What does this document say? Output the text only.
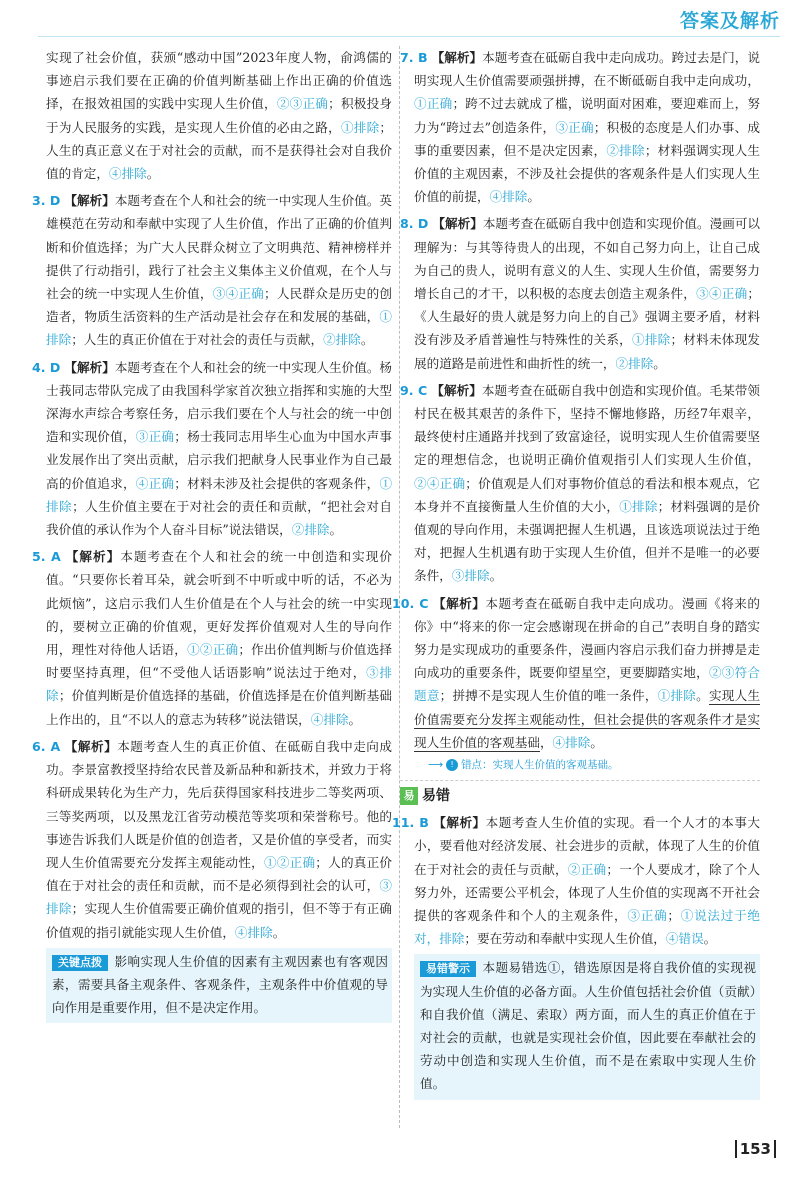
答案及解析

实现了社会价值，获颁“感动中国”2023年度人物，俞鸿儒的事迹启示我们要在正确的价值判断基础上作出正确的价值选择，在报效祖国的实践中实现人生价值，②③正确；积极投身于为人民服务的实践，是实现人生价值的必由之路，①排除；人生的真正意义在于对社会的贡献，而不是获得社会对自我价值的肯定，④排除。

3. D 【解析】本题考查在个人和社会的统一中实现人生价值。英雄模范在劳动和奉献中实现了人生价值，作出了正确的价值判断和价值选择；为广大人民群众树立了文明典范、精神榜样并提供了行动指引，践行了社会主义集体主义价值观，在个人与社会的统一中实现人生价值，③④正确；人民群众是历史的创造者，物质生活资料的生产活动是社会存在和发展的基础，①排除；人生的真正价值在于对社会的责任与贡献，②排除。

4. D 【解析】本题考查在个人和社会的统一中实现人生价值。杨士莪同志带队完成了由我国科学家首次独立指挥和实施的大型深海水声综合考察任务，启示我们要在个人与社会的统一中创造和实现价值，③正确；杨士莪同志用毕生心血为中国水声事业发展作出了突出贡献，启示我们把献身人民事业作为自己最高的价值追求，④正确；材料未涉及社会提供的客观条件，①排除；人生价值主要在于对社会的责任和贡献，“把社会对自我价值的承认作为个人奋斗目标”说法错误，②排除。

5. A 【解析】本题考查在个人和社会的统一中创造和实现价值。“只要你长着耳朵，就会听到不中听或中听的话，不必为此烦恼”，这启示我们人生价值是在个人与社会的统一中实现的，要树立正确的价值观，更好发挥价值观对人生的导向作用，理性对待他人话语，①②正确；作出价值判断与价值选择时要坚持真理，但“不受他人话语影响”说法过于绝对，③排除；价值判断是价值选择的基础，价值选择是在价值判断基础上作出的，且“不以人的意志为转移”说法错误，④排除。

6. A 【解析】本题考查人生的真正价值、在砥砺自我中走向成功。李景富教授坚持给农民普及新品种和新技术，并致力于将科研成果转化为生产力，先后获得国家科技进步二等奖两项、三等奖两项，以及黑龙江省劳动模范等奖项和荣誉称号。他的事迹告诉我们人既是价值的创造者，又是价值的享受者，而实现人生价值需要充分发挥主观能动性，①②正确；人的真正价值在于对社会的责任和贡献，而不是必须得到社会的认可，③排除；实现人生价值需要正确价值观的指引，但不等于有正确价值观的指引就能实现人生价值，④排除。

关键点拨 影响实现人生价值的因素有主观因素也有客观因素，需要具备主观条件、客观条件，主观条件中价值观的导向作用是重要作用，但不是决定作用。

7. B 【解析】本题考查在砥砺自我中走向成功。跨过去是门，说明实现人生价值需要顽强拼搏，在不断砥砺自我中走向成功，①正确；跨不过去就成了槛，说明面对困难，要迎难而上，努力为“跨过去”创造条件，③正确；积极的态度是人们办事、成事的重要因素，但不是决定因素，②排除；材料强调实现人生价值的主观因素，不涉及社会提供的客观条件是人们实现人生价值的前提，④排除。

8. D 【解析】本题考查在砥砺自我中创造和实现价值。漫画可以理解为：与其等待贵人的出现，不如自己努力向上，让自己成为自己的贵人，说明有意义的人生、实现人生价值，需要努力增长自己的才干，以积极的态度去创造主观条件，③④正确；《人生最好的贵人就是努力向上的自己》强调主要矛盾，材料没有涉及矛盾普遍性与特殊性的关系，①排除；材料未体现发展的道路是前进性和曲折性的统一，②排除。

9. C 【解析】本题考查在砥砺自我中创造和实现价值。毛某带领村民在极其艰苦的条件下，坚持不懈地修路，历经7年艰辛，最终使村庄通路并找到了致富途径，说明实现人生价值需要坚定的理想信念，也说明正确价值观指引人们实现人生价值，②④正确；价值观是人们对事物价值总的看法和根本观点，它本身并不直接衡量人生价值的大小，①排除；材料强调的是价值观的导向作用，未强调把握人生机遇，且该选项说法过于绝对，把握人生机遇有助于实现人生价值，但并不是唯一的必要条件，③排除。

10. C 【解析】本题考查在砥砺自我中走向成功。漫画《将来的你》中“将来的你一定会感谢现在拼命的自己”表明自身的踏实努力是实现成功的重要条件，漫画内容启示我们奋力拼搏是走向成功的重要条件，既要仰望星空，更要脚踏实地，②③符合题意；拼搏不是实现人生价值的唯一条件，①排除。实现人生价值需要充分发挥主观能动性，但社会提供的客观条件才是实现人生价值的客观基础，④排除。

⟶ ! 错点：实现人生价值的客观基础。
易 易错

11. B 【解析】本题考查人生价值的实现。看一个人才的本事大小，要看他对经济发展、社会进步的贡献，体现了人生的价值在于对社会的责任与贡献，②正确；一个人要成才，除了个人努力外，还需要公平机会，体现了人生价值的实现离不开社会提供的客观条件和个人的主观条件，③正确；①说法过于绝对，排除；要在劳动和奉献中实现人生价值，④错误。

易错警示 本题易错选①，错选原因是将自我价值的实现视为实现人生价值的必备方面。人生价值包括社会价值（贡献）和自我价值（满足、索取）两方面，而人生的真正价值在于对社会的贡献，也就是实现社会价值，因此要在奉献社会的劳动中创造和实现人生价值，而不是在索取中实现人生价值。
153
